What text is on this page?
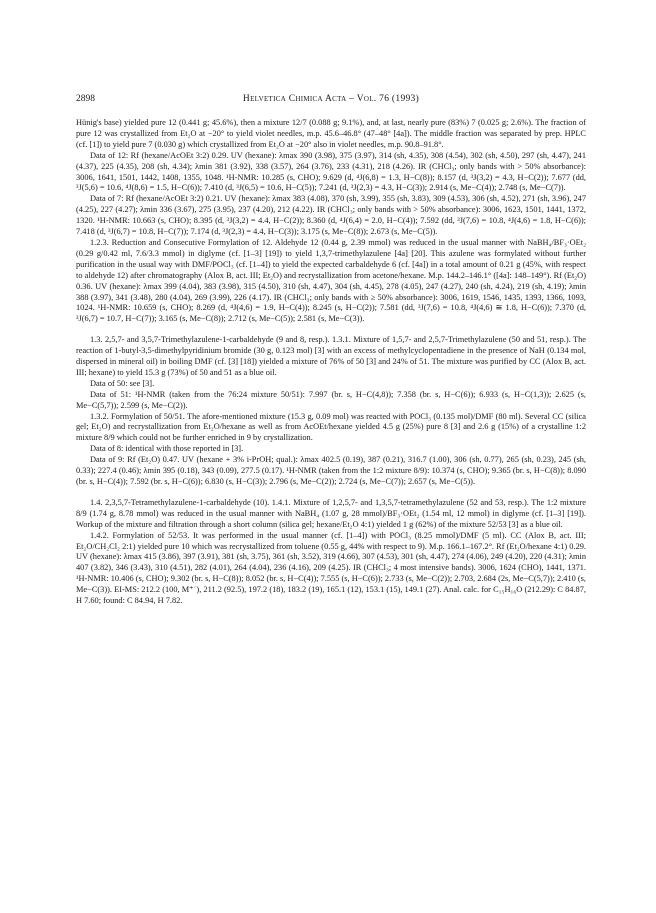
2898	Helvetica Chimica Acta – Vol. 76 (1993)

Hünig's base) yielded pure 12 (0.441 g; 45.6%), then a mixture 12/7 (0.088 g; 9.1%), and, at last, nearly pure (83%) 7 (0.025 g; 2.6%). The fraction of pure 12 was crystallized from Et₂O at −20° to yield violet needles, m.p. 45.6–46.8° (47–48° [4a]). The middle fraction was separated by prep. HPLC (cf. [1]) to yield pure 7 (0.030 g) which crystallized from Et₂O at −20° also in violet needles, m.p. 90.8–91.8°.

Data of 12: Rf (hexane/AcOEt 3:2) 0.29. UV (hexane): λmax 390 (3.98), 375 (3.97), 314 (sh, 4.35), 308 (4.54), 302 (sh, 4.50), 297 (sh, 4.47), 241 (4.37), 225 (4.35), 208 (sh, 4.34); λmin 381 (3.92), 338 (3.57), 264 (3.76), 233 (4.31), 218 (4.26). IR (CHCl₃; only bands with > 50% absorbance): 3006, 1641, 1501, 1442, 1408, 1355, 1048. ¹H-NMR: 10.285 (s, CHO); 9.629 (d, ⁴J(6,8) = 1.3, H−C(8)); 8.157 (d, ³J(3,2) = 4.3, H−C(2)); 7.677 (dd, ³J(5,6) = 10.6, ⁴J(8,6) = 1.5, H−C(6)); 7.410 (d, ³J(6,5) = 10.6, H−C(5)); 7.241 (d, ³J(2,3) = 4.3, H−C(3)); 2.914 (s, Me−C(4)); 2.748 (s, Me−C(7)).

Data of 7: Rf (hexane/AcOEt 3:2) 0.21. UV (hexane): λmax 383 (4.08), 370 (sh, 3.99), 355 (sh, 3.83), 309 (4.53), 306 (sh, 4.52), 271 (sh, 3.96), 247 (4.25), 227 (4.27); λmin 336 (3.67), 275 (3.95), 237 (4.20), 212 (4.22). IR (CHCl₃; only bands with > 50% absorbance): 3006, 1623, 1501, 1441, 1372, 1320. ¹H-NMR: 10.663 (s, CHO); 8.395 (d, ³J(3,2) = 4.4, H−C(2)); 8.360 (d, ⁴J(6,4) = 2.0, H−C(4)); 7.592 (dd, ³J(7,6) = 10.8, ⁴J(4,6) = 1.8, H−C(6)); 7.418 (d, ³J(6,7) = 10.8, H−C(7)); 7.174 (d, ³J(2,3) = 4.4, H−C(3)); 3.175 (s, Me−C(8)); 2.673 (s, Me−C(5)).

1.2.3. Reduction and Consecutive Formylation of 12. Aldehyde 12 (0.44 g, 2.39 mmol) was reduced in the usual manner with NaBH₄/BF₃·OEt₂ (0.29 g/0.42 ml, 7.6/3.3 mmol) in diglyme (cf. [1–3] [19]) to yield 1,3,7-trimethylazulene [4a] [20]. This azulene was formylated without further purification in the usual way with DMF/POCl₃ (cf. [1–4]) to yield the expected carbaldehyde 6 (cf. [4a]) in a total amount of 0.21 g (45%, with respect to aldehyde 12) after chromatography (Alox B, act. III; Et₂O) and recrystallization from acetone/hexane. M.p. 144.2–146.1° ([4a]: 148–149°). Rf (Et₂O) 0.36. UV (hexane): λmax 399 (4.04), 383 (3.98), 315 (4.50), 310 (sh, 4.47), 304 (sh, 4.45), 278 (4.05), 247 (4.27), 240 (sh, 4.24), 219 (sh, 4.19); λmin 388 (3.97), 341 (3.48), 280 (4.04), 269 (3.99), 226 (4.17). IR (CHCl₃; only bands with ≥ 50% absorbance): 3006, 1619, 1546, 1435, 1393, 1366, 1093, 1024. ¹H-NMR: 10.659 (s, CHO); 8.269 (d, ⁴J(4,6) = 1.9, H−C(4)); 8.245 (s, H−C(2)); 7.581 (dd, ³J(7,6) = 10.8, ⁴J(4,6) ≅ 1.8, H−C(6)); 7.370 (d, ³J(6,7) = 10.7, H−C(7)); 3.165 (s, Me−C(8)); 2.712 (s, Me−C(5)); 2.581 (s, Me−C(3)).

1.3. 2,5,7- and 3,5,7-Trimethylazulene-1-carbaldehyde (9 and 8, resp.). 1.3.1. Mixture of 1,5,7- and 2,5,7-Trimethylazulene (50 and 51, resp.). The reaction of 1-butyl-3,5-dimethylpyridinium bromide (30 g, 0.123 mol) [3] with an excess of methylcyclopentadiene in the presence of NaH (0.134 mol, dispersed in mineral oil) in boiling DMF (cf. [3] [18]) yielded a mixture of 76% of 50 [3] and 24% of 51. The mixture was purified by CC (Alox B, act. III; hexane) to yield 15.3 g (73%) of 50 and 51 as a blue oil.

Data of 50: see [3].

Data of 51: ¹H-NMR (taken from the 76:24 mixture 50/51): 7.997 (br. s, H−C(4,8)); 7.358 (br. s, H−C(6)); 6.933 (s, H−C(1,3)); 2.625 (s, Me−C(5,7)); 2.599 (s, Me−C(2)).

1.3.2. Formylation of 50/51. The afore-mentioned mixture (15.3 g, 0.09 mol) was reacted with POCl₃ (0.135 mol)/DMF (80 ml). Several CC (silica gel; Et₂O) and recrystallization from Et₂O/hexane as well as from AcOEt/hexane yielded 4.5 g (25%) pure 8 [3] and 2.6 g (15%) of a crystalline 1:2 mixture 8/9 which could not be further enriched in 9 by crystallization.

Data of 8: identical with those reported in [3].

Data of 9: Rf (Et₂O) 0.47. UV (hexane + 3% i-PrOH; qual.): λmax 402.5 (0.19), 387 (0.21), 316.7 (1.00), 306 (sh, 0.77), 265 (sh, 0.23), 245 (sh, 0.33); 227.4 (0.46); λmin 395 (0.18), 343 (0.09), 277.5 (0.17). ¹H-NMR (taken from the 1:2 mixture 8/9): 10.374 (s, CHO); 9.365 (br. s, H−C(8)); 8.090 (br. s, H−C(4)); 7.592 (br. s, H−C(6)); 6.830 (s, H−C(3)); 2.796 (s, Me−C(2)); 2.724 (s, Me−C(7)); 2.657 (s, Me−C(5)).

1.4. 2,3,5,7-Tetramethylazulene-1-carbaldehyde (10). 1.4.1. Mixture of 1,2,5,7- and 1,3,5,7-tetramethylazulene (52 and 53, resp.). The 1:2 mixture 8/9 (1.74 g, 8.78 mmol) was reduced in the usual manner with NaBH₄ (1.07 g, 28 mmol)/BF₃·OEt₂ (1.54 ml, 12 mmol) in diglyme (cf. [1–3] [19]). Workup of the mixture and filtration through a short column (silica gel; hexane/Et₂O 4:1) yielded 1 g (62%) of the mixture 52/53 [3] as a blue oil.

1.4.2. Formylation of 52/53. It was performed in the usual manner (cf. [1–4]) with POCl₃ (8.25 mmol)/DMF (5 ml). CC (Alox B, act. III; Et₂O/CH₂Cl₂ 2:1) yielded pure 10 which was recrystallized from toluene (0.55 g, 44% with respect to 9). M.p. 166.1–167.2°. Rf (Et₂O/hexane 4:1) 0.29. UV (hexane): λmax 415 (3.86), 397 (3.91), 381 (sh, 3.75), 361 (sh, 3.52), 319 (4.66), 307 (4.53), 301 (sh, 4.47), 274 (4.06), 249 (4.20), 220 (4.31); λmin 407 (3.82), 346 (3.43), 310 (4.51), 282 (4.01), 264 (4.04), 236 (4.16), 209 (4.25). IR (CHCl₃; 4 most intensive bands). 3006, 1624 (CHO), 1441, 1371. ¹H-NMR: 10.406 (s, CHO); 9.302 (br. s, H−C(8)); 8.052 (br. s, H−C(4)); 7.555 (s, H−C(6)); 2.733 (s, Me−C(2)); 2.703, 2.684 (2s, Me−C(5,7)); 2.410 (s, Me−C(3)). EI-MS: 212.2 (100, M⁺˙), 211.2 (92.5), 197.2 (18), 183.2 (19), 165.1 (12), 153.1 (15), 149.1 (27). Anal. calc. for C₁₅H₁₆O (212.29): C 84.87, H 7.60; found: C 84.94, H 7.82.
